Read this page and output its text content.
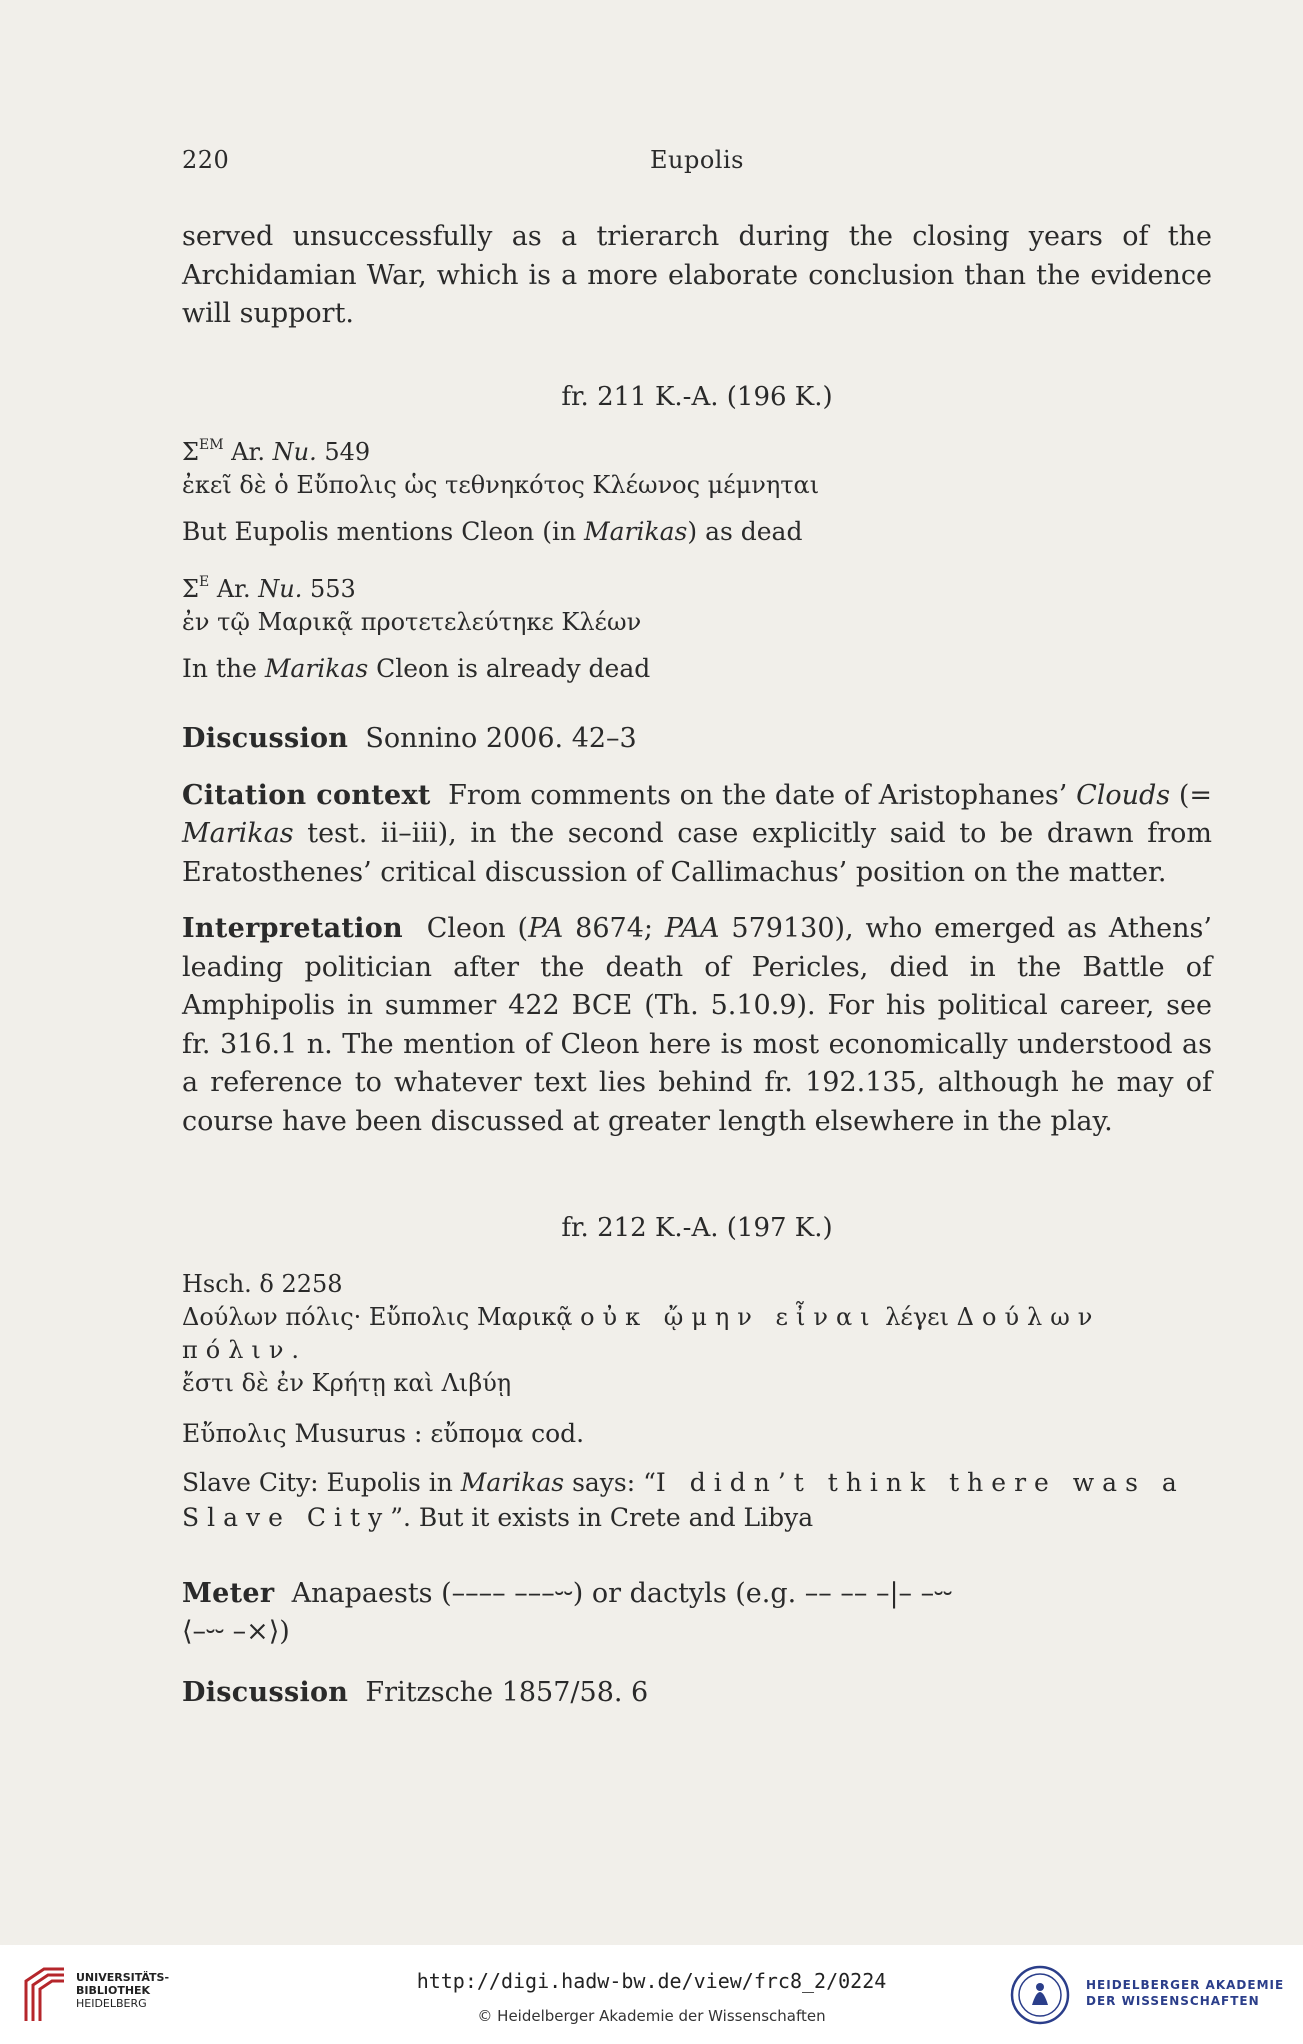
220	Eupolis

served unsuccessfully as a trierarch during the closing years of the Archidamian War, which is a more elaborate conclusion than the evidence will support.

fr. 211 K.-A. (196 K.)

$\Sigma^{EM}$ Ar. Nu. 549

ἐκεῖ δὲ ὁ Εὔπολις ὡς τεθνηκότος Κλέωνος μέμνηται

But Eupolis mentions Cleon (in Marikas) as dead

$\Sigma^E$ Ar. Nu. 553

ἐν τῷ Μαρικᾷ προτετελεύτηκε Κλέων

In the Marikas Cleon is already dead

Discussion Sonnino 2006. 42–3

Citation context From comments on the date of Aristophanes’ Clouds (= Marikas test. ii–iii), in the second case explicitly said to be drawn from Eratosthenes’ critical discussion of Callimachus’ position on the matter.

Interpretation Cleon (PA 8674; PAA 579130), who emerged as Athens’ leading politician after the death of Pericles, died in the Battle of Amphipolis in summer 422 BCE (Th. 5.10.9). For his political career, see fr. 316.1 n. The mention of Cleon here is most economically understood as a reference to whatever text lies behind fr. 192.135, although he may of course have been discussed at greater length elsewhere in the play.

fr. 212 K.-A. (197 K.)

Hsch. δ 2258

Δούλων πόλις· Εὔπολις Μαρικᾷ οὐκ ᾤμην εἶναι λέγει Δούλων πόλιν.
ἔστι δὲ ἐν Κρήτῃ καὶ Λιβύῃ

Εὔπολις Musurus : εὔπομα cod.

Slave City: Eupolis in Marikas says: “I didn’t think there was a Slave City”. But it exists in Crete and Libya

Meter Anapaests (–––– –––⏑⏑) or dactyls (e.g. –– –– –|– –⏑⏑
⟨–⏑⏑ –×⟩)

Discussion Fritzsche 1857/58. 6

UNIVERSITÄTS-
BIBLIOTHEK
HEIDELBERG
http://digi.hadw-bw.de/view/frc8_2/0224
© Heidelberger Akademie der Wissenschaften
HEIDELBERGER AKADEMIE
DER WISSENSCHAFTEN
